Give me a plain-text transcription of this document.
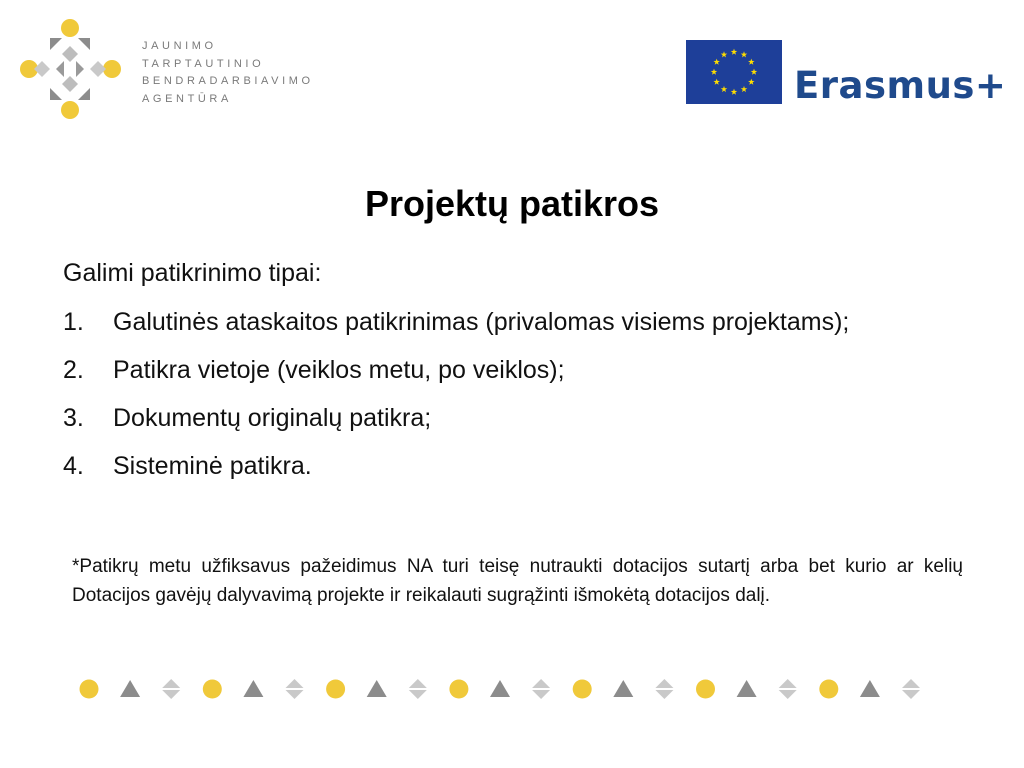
JAUNIMO
TARPTAUTINIO
BENDRADARBIAVIMO
AGENTŪRA	Erasmus+
Projektų patikros
Galimi patikrinimo tipai:
1. Galutinės ataskaitos patikrinimas (privalomas visiems projektams);
2. Patikra vietoje (veiklos metu, po veiklos);
3. Dokumentų originalų patikra;
4. Sisteminė patikra.
*Patikrų metu užfiksavus pažeidimus NA turi teisę nutraukti dotacijos sutartį arba bet kurio ar kelių Dotacijos gavėjų dalyvavimą projekte ir reikalauti sugrąžinti išmokėtą dotacijos dalį.
